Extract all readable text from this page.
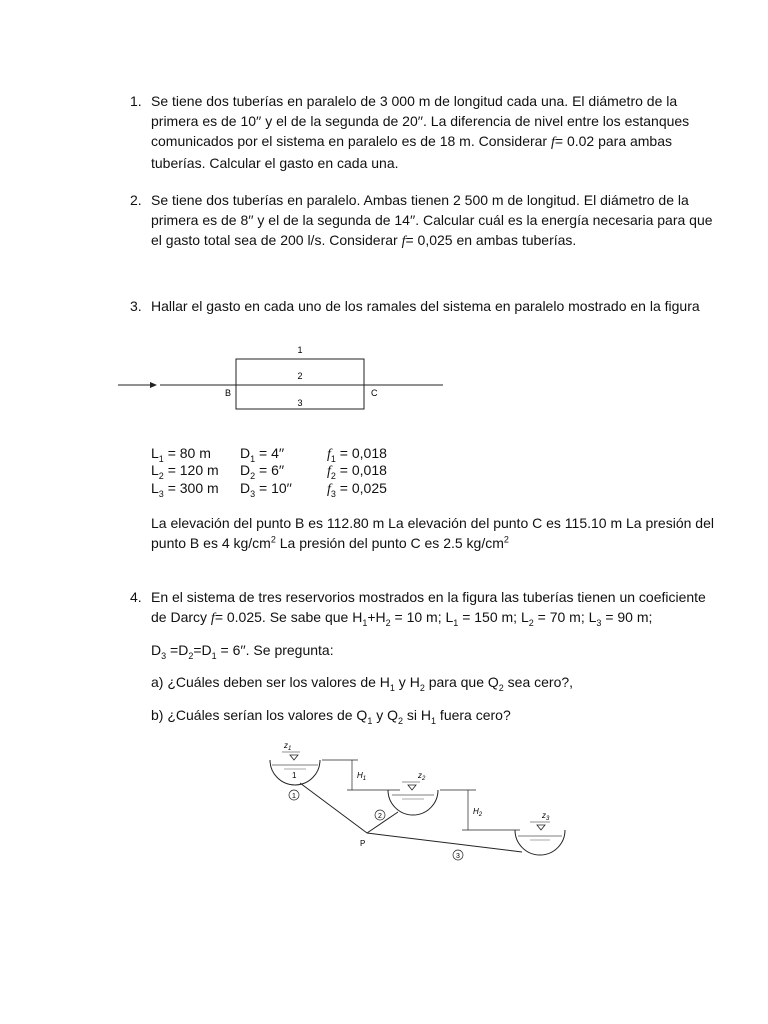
1. Se tiene dos tuberías en paralelo de 3 000 m de longitud cada una. El diámetro de la
primera es de 10′′ y el de la segunda de 20′′. La diferencia de nivel entre los estanques
comunicados por el sistema en paralelo es de 18 m. Considerar f= 0.02 para ambas
tuberías. Calcular el gasto en cada una.
2. Se tiene dos tuberías en paralelo. Ambas tienen 2 500 m de longitud. El diámetro de la
primera es de 8′′ y el de la segunda de 14′′. Calcular cuál es la energía necesaria para que
el gasto total sea de 200 l/s. Considerar f= 0,025 en ambas tuberías.
3. Hallar el gasto en cada uno de los ramales del sistema en paralelo mostrado en la figura
1
2
3
B	C
$L_1 = 80$ m $D_1 = 4''$	$f_1 = 0,018$
$L_2 = 120$ m $D_2 = 6''$	$f_2 = 0,018$
$L_3 = 300$ m $D_3 = 10''$	$f_3 = 0,025$
La elevación del punto B es 112.80 m La elevación del punto C es 115.10 m La presión del
punto B es 4 $kg/cm^2$ La presión del punto C es 2.5 $kg/cm^2$
4. En el sistema de tres reservorios mostrados en la figura las tuberías tienen un coeficiente
de Darcy f= 0.025. Se sabe que $H_1+H_2 = 10$ m; $L_1 = 150$ m; $L_2 = 70$ m; $L_3 = 90$ m;
$D_3 =D_2=D_1 = 6''$. Se pregunta:
a) ¿Cuáles deben ser los valores de $H_1$ y $H_2$ para que $Q_2$ sea cero?,
b) ¿Cuáles serían los valores de $Q_1$ y $Q_2$ si $H_1$ fuera cero?
$z_1$
1	$H_1$	$z_2$
$H_2$	$z_3$
1
2
3
P
